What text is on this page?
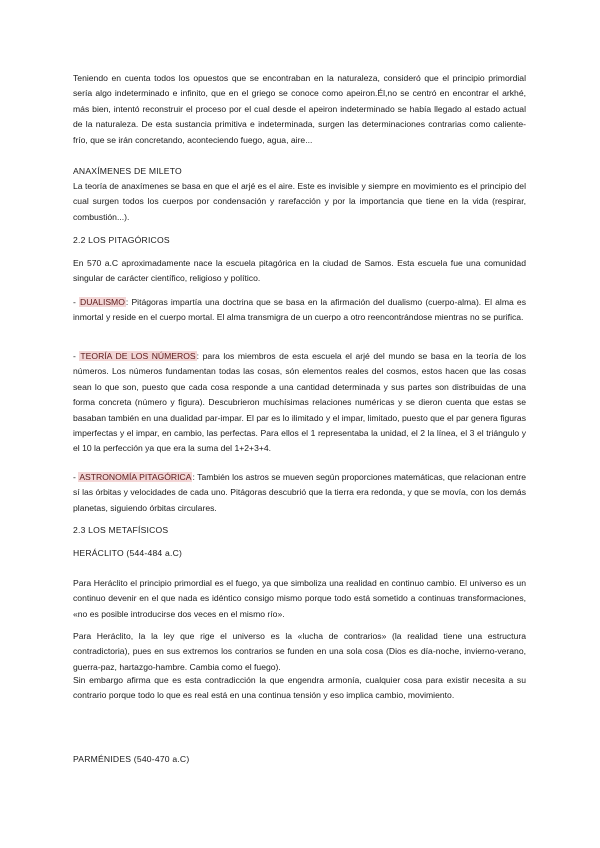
Teniendo en cuenta todos los opuestos que se encontraban en la naturaleza, consideró que el principio primordial sería algo indeterminado e infinito, que en el griego se conoce como apeiron.Él,no se centró en encontrar el arkhé, más bien, intentó reconstruir el proceso por el cual desde el apeiron indeterminado se había llegado al estado actual de la naturaleza. De esta sustancia primitiva e indeterminada, surgen las determinaciones contrarias como caliente-frío, que se irán concretando, aconteciendo fuego, agua, aire...

ANAXÍMENES DE MILETO

La teoría de anaxímenes se basa en que el arjé es el aire. Este es invisible y siempre en movimiento es el principio del cual surgen todos los cuerpos por condensación y rarefacción y por la importancia que tiene en la vida (respirar, combustión...).

2.2 LOS PITAGÓRICOS

En 570 a.C aproximadamente nace la escuela pitagórica en la ciudad de Samos. Esta escuela fue una comunidad singular de carácter científico, religioso y político.

- DUALISMO: Pitágoras impartía una doctrina que se basa en la afirmación del dualismo (cuerpo-alma). El alma es inmortal y reside en el cuerpo mortal. El alma transmigra de un cuerpo a otro reencontrándose mientras no se purifica.

- TEORÍA DE LOS NÚMEROS: para los miembros de esta escuela el arjé del mundo se basa en la teoría de los números. Los números fundamentan todas las cosas, són elementos reales del cosmos, estos hacen que las cosas sean lo que son, puesto que cada cosa responde a una cantidad determinada y sus partes son distribuidas de una forma concreta (número y figura). Descubrieron muchísimas relaciones numéricas y se dieron cuenta que estas se basaban también en una dualidad par-impar. El par es lo ilimitado y el impar, limitado, puesto que el par genera figuras imperfectas y el impar, en cambio, las perfectas. Para ellos el 1 representaba la unidad, el 2 la línea, el 3 el triángulo y el 10 la perfección ya que era la suma del 1+2+3+4.

- ASTRONOMÍA PITAGÓRICA: También los astros se mueven según proporciones matemáticas, que relacionan entre sí las órbitas y velocidades de cada uno. Pitágoras descubrió que la tierra era redonda, y que se movía, con los demás planetas, siguiendo órbitas circulares.

2.3 LOS METAFÍSICOS

HERÁCLITO (544-484 a.C)

Para Heráclito el principio primordial es el fuego, ya que simboliza una realidad en continuo cambio. El universo es un continuo devenir en el que nada es idéntico consigo mismo porque todo está sometido a continuas transformaciones, «no es posible introducirse dos veces en el mismo río».

Para Heráclito, la la ley que rige el universo es la «lucha de contrarios» (la realidad tiene una estructura contradictoria), pues en sus extremos los contrarios se funden en una sola cosa (Dios es día-noche, invierno-verano, guerra-paz, hartazgo-hambre. Cambia como el fuego).

Sin embargo afirma que es esta contradicción la que engendra armonía, cualquier cosa para existir necesita a su contrario porque todo lo que es real está en una continua tensión y eso implica cambio, movimiento.

PARMÉNIDES (540-470 a.C)
